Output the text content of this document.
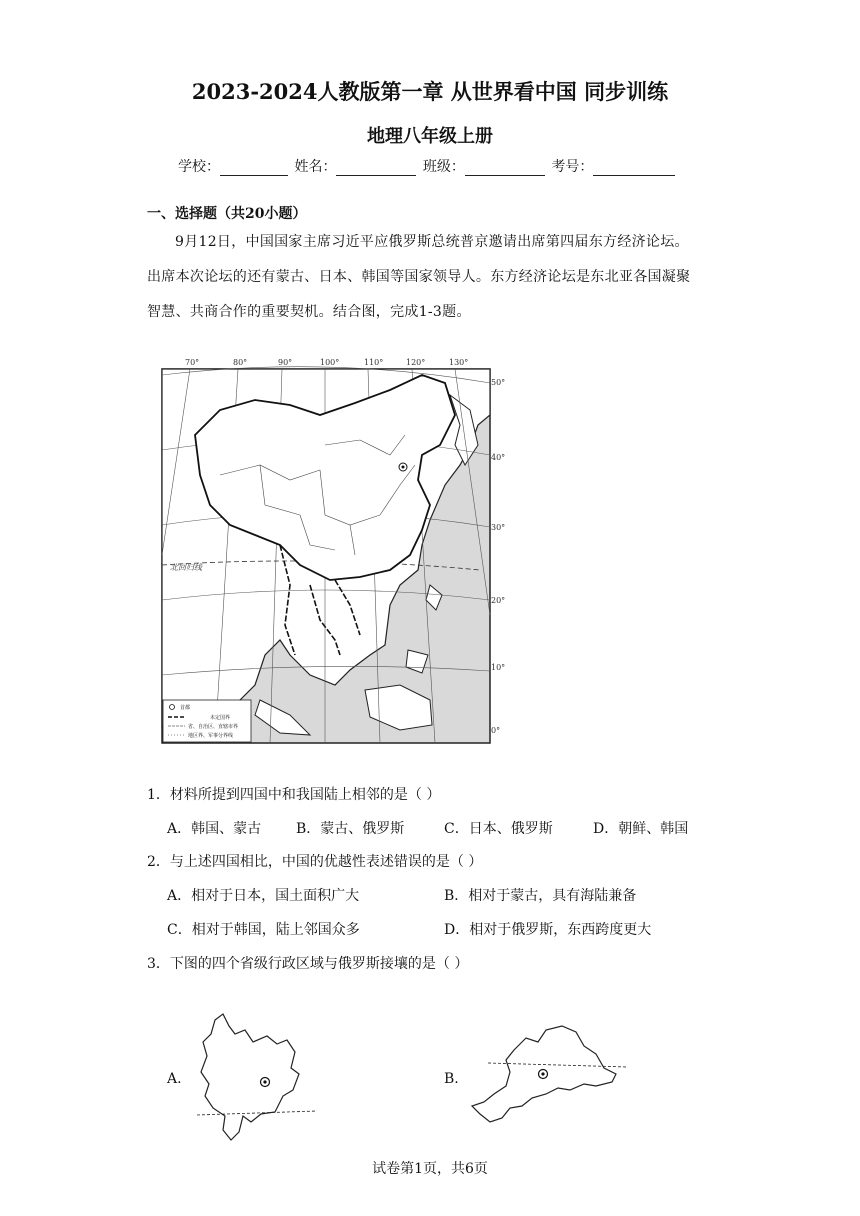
2023-2024人教版第一章 从世界看中国 同步训练
地理八年级上册
学校：	姓名：	班级：	考号：
一、选择题（共20小题）

9月12日，中国国家主席习近平应俄罗斯总统普京邀请出席第四届东方经济论坛。

出席本次论坛的还有蒙古、日本、韩国等国家领导人。东方经济论坛是东北亚各国凝聚

智慧、共商合作的重要契机。结合图，完成1-3题。

70°	80°	90°	100°	110°	120°	130°
北回归线
50°
40°
30°
20°
10°
0°
首都
未定国界
省、自治区、直辖市界
地区界、军事分界线
1．材料所提到四国中和我国陆上相邻的是（ ）
A．韩国、蒙古 B．蒙古、俄罗斯	C．日本、俄罗斯	D．朝鲜、韩国
2．与上述四国相比，中国的优越性表述错误的是（ ）
A．相对于日本，国土面积广大	B．相对于蒙古，具有海陆兼备
C．相对于韩国，陆上邻国众多	D．相对于俄罗斯，东西跨度更大
3．下图的四个省级行政区域与俄罗斯接壤的是（ ）
A.	B.
试卷第1页，共6页
